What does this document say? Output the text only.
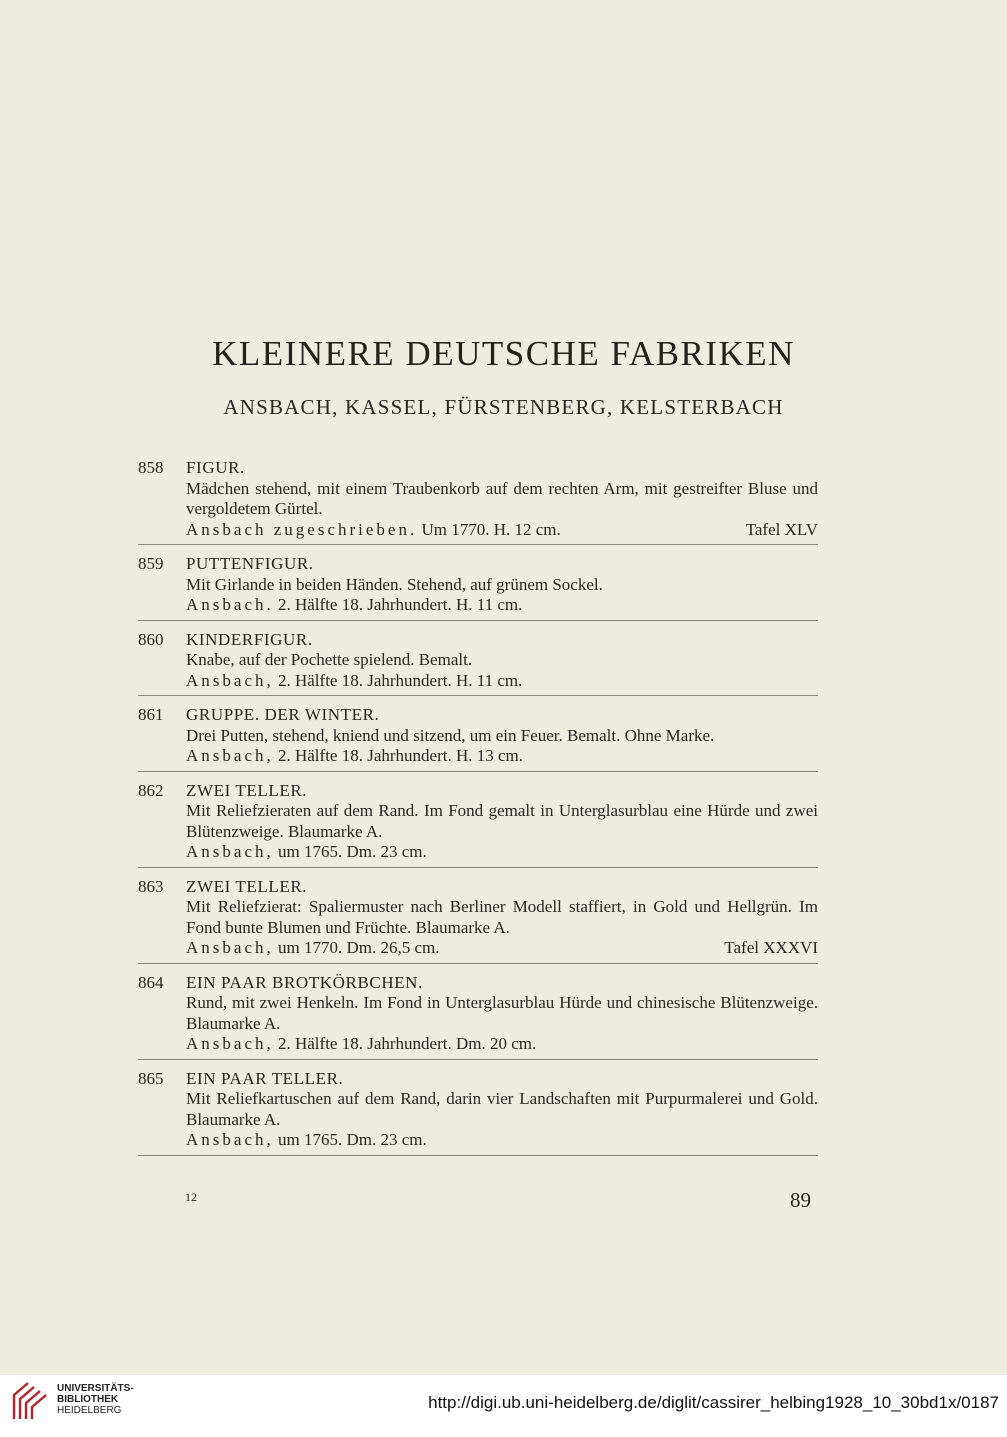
KLEINERE DEUTSCHE FABRIKEN
ANSBACH, KASSEL, FÜRSTENBERG, KELSTERBACH
858	FIGUR.
Mädchen stehend, mit einem Traubenkorb auf dem rechten Arm, mit gestreifter Bluse und vergoldetem Gürtel.
Ansbach zugeschrieben. Um 1770. H. 12 cm.	Tafel XLV
859	PUTTENFIGUR.
Mit Girlande in beiden Händen. Stehend, auf grünem Sockel.
Ansbach. 2. Hälfte 18. Jahrhundert. H. 11 cm.
860	KINDERFIGUR.
Knabe, auf der Pochette spielend. Bemalt.
Ansbach, 2. Hälfte 18. Jahrhundert. H. 11 cm.
861	GRUPPE. DER WINTER.
Drei Putten, stehend, kniend und sitzend, um ein Feuer. Bemalt. Ohne Marke.
Ansbach, 2. Hälfte 18. Jahrhundert. H. 13 cm.
862	ZWEI TELLER.
Mit Reliefzieraten auf dem Rand. Im Fond gemalt in Unterglasurblau eine Hürde und zwei Blütenzweige. Blaumarke A.
Ansbach, um 1765. Dm. 23 cm.
863	ZWEI TELLER.
Mit Reliefzierat: Spaliermuster nach Berliner Modell staffiert, in Gold und Hellgrün. Im Fond bunte Blumen und Früchte. Blaumarke A.
Ansbach, um 1770. Dm. 26,5 cm.	Tafel XXXVI
864	EIN PAAR BROTKÖRBCHEN.
Rund, mit zwei Henkeln. Im Fond in Unterglasurblau Hürde und chinesische Blütenzweige. Blaumarke A.
Ansbach, 2. Hälfte 18. Jahrhundert. Dm. 20 cm.
865	EIN PAAR TELLER.
Mit Reliefkartuschen auf dem Rand, darin vier Landschaften mit Purpurmalerei und Gold. Blaumarke A.
Ansbach, um 1765. Dm. 23 cm.
12	89
UNIVERSITÄTS-
BIBLIOTHEK
HEIDELBERG	http://digi.ub.uni-heidelberg.de/diglit/cassirer_helbing1928_10_30bd1x/0187
